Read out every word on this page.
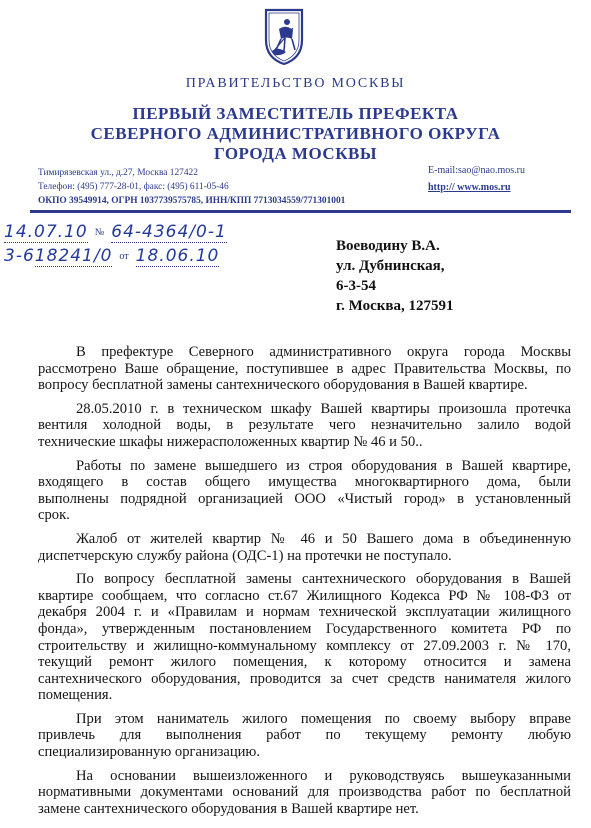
ПРАВИТЕЛЬСТВО МОСКВЫ
ПЕРВЫЙ ЗАМЕСТИТЕЛЬ ПРЕФЕКТА
СЕВЕРНОГО АДМИНИСТРАТИВНОГО ОКРУГА
ГОРОДА МОСКВЫ
Тимирязевская ул., д.27, Москва 127422
Телефон: (495) 777-28-01, факс: (495) 611-05-46
ОКПО 39549914, ОГРН 1037739575785, ИНН/КПП 7713034559/771301001
E-mail:sao@nao.mos.ru
http:// www.mos.ru
14.07.10 № 64-4364/0-1
3-618241/0 от 18.06.10	Воеводину В.А.
ул. Дубнинская,
6-3-54
г. Москва, 127591

В префектуре Северного административного округа города Москвы
рассмотрено Ваше обращение, поступившее в адрес Правительства Москвы, по
вопросу бесплатной замены сантехнического оборудования в Вашей квартире.

28.05.2010 г. в техническом шкафу Вашей квартиры произошла протечка
вентиля холодной воды, в результате чего незначительно залило водой
технические шкафы нижерасположенных квартир № 46 и 50..

Работы по замене вышедшего из строя оборудования в Вашей квартире,
входящего в состав общего имущества многоквартирного дома, были
выполнены подрядной организацией ООО «Чистый город» в установленный
срок.

Жалоб от жителей квартир № 46 и 50 Вашего дома в объединенную
диспетчерскую службу района (ОДС-1) на протечки не поступало.

По вопросу бесплатной замены сантехнического оборудования в Вашей
квартире сообщаем, что согласно ст.67 Жилищного Кодекса РФ № 108-ФЗ от
декабря 2004 г. и «Правилам и нормам технической эксплуатации жилищного
фонда», утвержденным постановлением Государственного комитета РФ по
строительству и жилищно-коммунальному комплексу от 27.09.2003 г. № 170,
текущий ремонт жилого помещения, к которому относится и замена
сантехнического оборудования, проводится за счет средств нанимателя жилого
помещения.

При этом наниматель жилого помещения по своему выбору вправе
привлечь для выполнения работ по текущему ремонту любую
специализированную организацию.

На основании вышеизложенного и руководствуясь вышеуказанными
нормативными документами оснований для производства работ по бесплатной
замене сантехнического оборудования в Вашей квартире нет.
